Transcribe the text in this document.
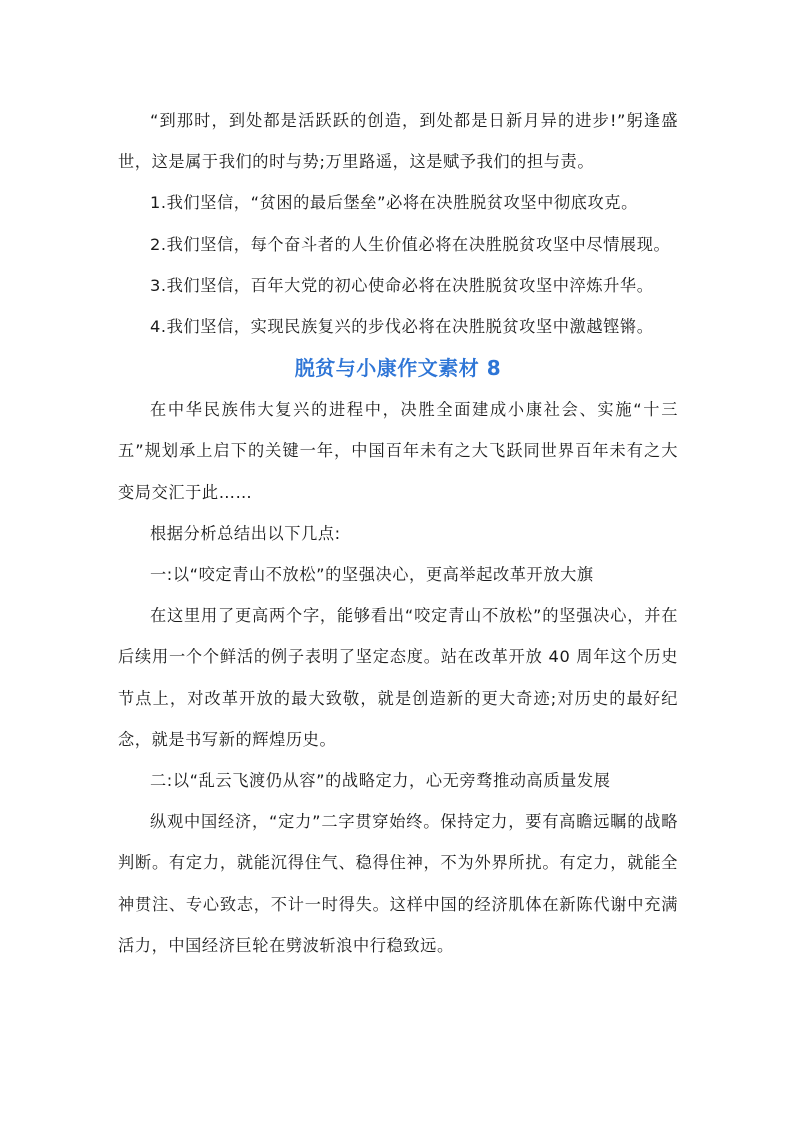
“到那时，到处都是活跃跃的创造，到处都是日新月异的进步!”躬逢盛世，这是属于我们的时与势;万里路遥，这是赋予我们的担与责。

1.我们坚信，“贫困的最后堡垒”必将在决胜脱贫攻坚中彻底攻克。

2.我们坚信，每个奋斗者的人生价值必将在决胜脱贫攻坚中尽情展现。

3.我们坚信，百年大党的初心使命必将在决胜脱贫攻坚中淬炼升华。

4.我们坚信，实现民族复兴的步伐必将在决胜脱贫攻坚中激越铿锵。

脱贫与小康作文素材 8

在中华民族伟大复兴的进程中，决胜全面建成小康社会、实施“十三五”规划承上启下的关键一年，中国百年未有之大飞跃同世界百年未有之大变局交汇于此……

根据分析总结出以下几点:

一:以“咬定青山不放松”的坚强决心，更高举起改革开放大旗

在这里用了更高两个字，能够看出“咬定青山不放松”的坚强决心，并在后续用一个个鲜活的例子表明了坚定态度。站在改革开放 40 周年这个历史节点上，对改革开放的最大致敬，就是创造新的更大奇迹;对历史的最好纪念，就是书写新的辉煌历史。

二:以“乱云飞渡仍从容”的战略定力，心无旁骛推动高质量发展

纵观中国经济，“定力”二字贯穿始终。保持定力，要有高瞻远瞩的战略判断。有定力，就能沉得住气、稳得住神，不为外界所扰。有定力，就能全神贯注、专心致志，不计一时得失。这样中国的经济肌体在新陈代谢中充满活力，中国经济巨轮在劈波斩浪中行稳致远。
